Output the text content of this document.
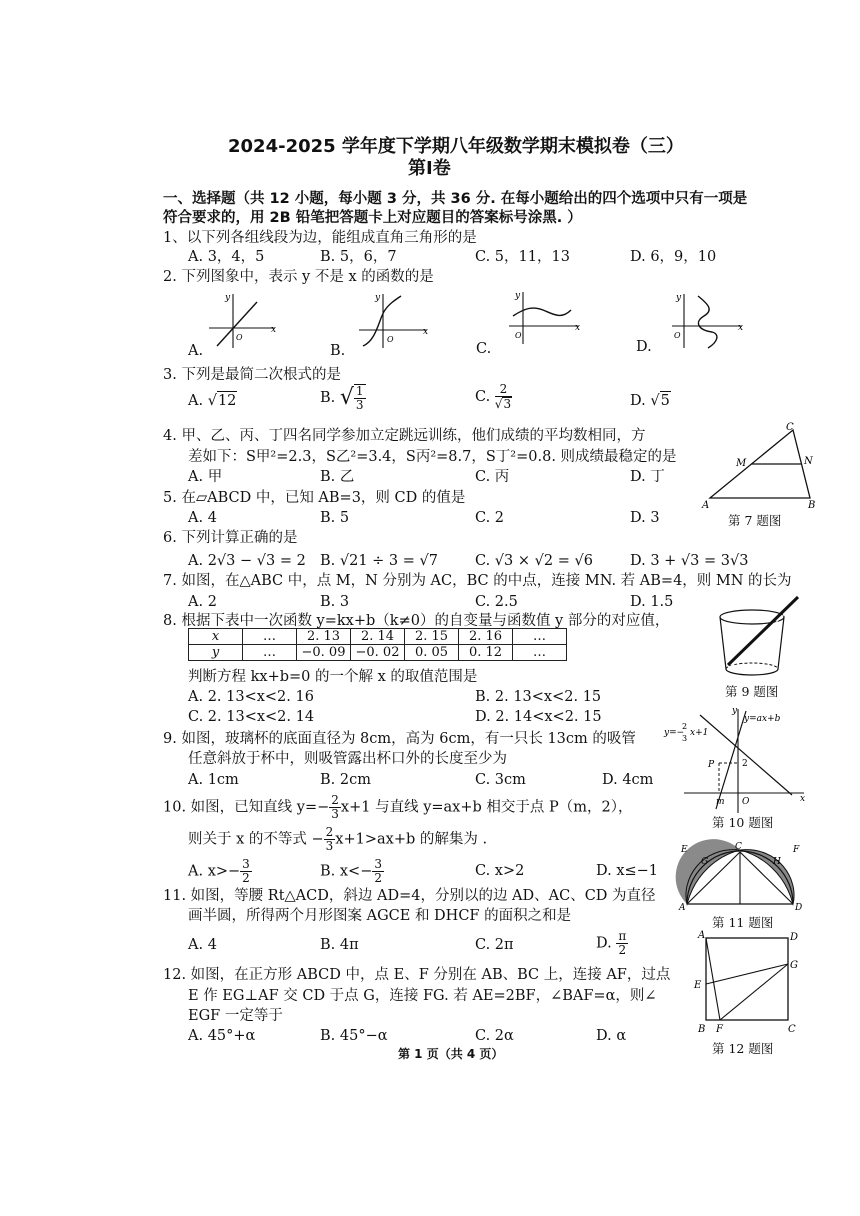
2024-2025 学年度下学期八年级数学期末模拟卷（三）
第Ⅰ卷
一、选择题（共 12 小题，每小题 3 分，共 36 分. 在每小题给出的四个选项中只有一项是
符合要求的，用 2B 铅笔把答题卡上对应题目的答案标号涂黑. ）
1、以下列各组线段为边，能组成直角三角形的是
A. 3，4，5	B. 5，6，7	C. 5，11，13	D. 6，9，10
2. 下列图象中，表示 y 不是 x 的函数的是
A.	B.	C.	D.
y
x
O
y
x
O
y
x
O
y
x
O
3. 下列是最简二次根式的是
A. √12	B. √ $\frac{1}{3}$	C. $\frac{2}{√3}$	D. √5
4. 甲、乙、丙、丁四名同学参加立定跳远训练，他们成绩的平均数相同，方
差如下：S甲²=2.3，S乙²=3.4，S丙²=8.7，S丁²=0.8. 则成绩最稳定的是
A. 甲	B. 乙	C. 丙	D. 丁
A	B
C
M	N
第 7 题图
5. 在▱ABCD 中，已知 AB=3，则 CD 的值是
A. 4	B. 5	C. 2	D. 3
6. 下列计算正确的是
A. 2√3 − √3 = 2 B. √21 ÷ 3 = √7	C. √3 × √2 = √6	D. 3 + √3 = 3√3
7. 如图，在△ABC 中，点 M，N 分别为 AC，BC 的中点，连接 MN. 若 AB=4，则 MN 的长为
A. 2	B. 3	C. 2.5	D. 1.5
8. 根据下表中一次函数 y=kx+b（k≠0）的自变量与函数值 y 部分的对应值，
x	…	2. 13	2. 14	2. 15	2. 16	…
y	…	−0. 09	−0. 02	0. 05	0. 12	…
判断方程 kx+b=0 的一个解 x 的取值范围是
A. 2. 13<x<2. 16	B. 2. 13<x<2. 15
C. 2. 13<x<2. 14	D. 2. 14<x<2. 15
第 9 题图
9. 如图，玻璃杯的底面直径为 8cm，高为 6cm，有一只长 13cm 的吸管
任意斜放于杯中，则吸管露出杯口外的长度至少为
A. 1cm	B. 2cm	C. 3cm	D. 4cm
y
y=ax+b
y=−
2
3
x+1
P	2
m O	x
第 10 题图
10. 如图，已知直线 $y=- \frac{2}{3} x+1$ 与直线 y=ax+b 相交于点 P（m，2），
则关于 x 的不等式 − $\frac{2}{3} x+1>ax+b$ 的解集为 .
A. $x>- \frac{3}{2}$	B. $x<- \frac{3}{2}$	C. x>2	D. x≤−1
E
G
C
H
F
A	D
第 11 题图
11. 如图，等腰 Rt△ACD，斜边 AD=4，分别以的边 AD、AC、CD 为直径
画半圆，所得两个月形图案 AGCE 和 DHCF 的面积之和是
A. 4	B. 4π	C. 2π	D. $\frac{\pi}{2}$	A	D
G
E
B F	C
第 12 题图
12. 如图，在正方形 ABCD 中，点 E、F 分别在 AB、BC 上，连接 AF，过点
E 作 EG⊥AF 交 CD 于点 G，连接 FG. 若 AE=2BF，∠BAF=α，则∠
EGF 一定等于
A. 45°+α	B. 45°−α	C. 2α	D. α
第 1 页（共 4 页）
